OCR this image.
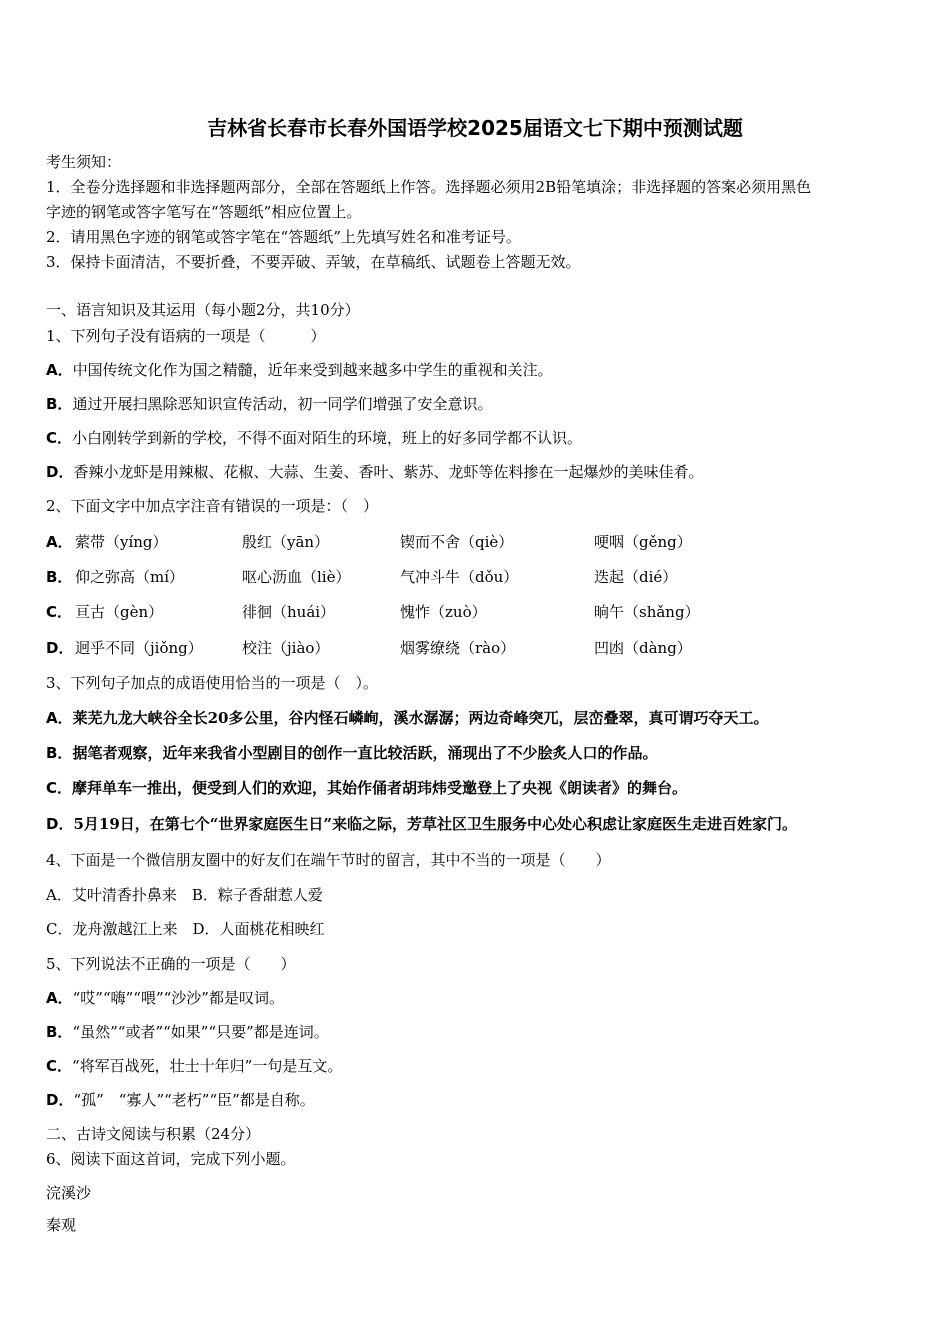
吉林省长春市长春外国语学校2025届语文七下期中预测试题
考生须知：
1．全卷分选择题和非选择题两部分，全部在答题纸上作答。选择题必须用2B铅笔填涂；非选择题的答案必须用黑色
字迹的钢笔或答字笔写在“答题纸”相应位置上。
2．请用黑色字迹的钢笔或答字笔在“答题纸”上先填写姓名和准考证号。
3．保持卡面清洁，不要折叠，不要弄破、弄皱，在草稿纸、试题卷上答题无效。
一、语言知识及其运用（每小题2分，共10分）
1、下列句子没有语病的一项是（　　　）
A．中国传统文化作为国之精髓，近年来受到越来越多中学生的重视和关注。
B．通过开展扫黑除恶知识宣传活动，初一同学们增强了安全意识。
C．小白刚转学到新的学校，不得不面对陌生的环境，班上的好多同学都不认识。
D．香辣小龙虾是用辣椒、花椒、大蒜、生姜、香叶、紫苏、龙虾等佐料掺在一起爆炒的美味佳肴。
2、下面文字中加点字注音有错误的一项是：（　）
A． 萦带（yíng）	殷红（yān）	锲而不舍（qiè）	哽咽（gěng）
B． 仰之弥高（mí）	呕心沥血（liè）	气冲斗牛（dǒu）	迭起（dié）
C． 亘古（gèn）	徘徊（huái）	愧怍（zuò）	晌午（shǎng）
D． 迥乎不同（jiǒng）	校注（jiào）	烟雾缭绕（rào）	凹凼（dàng）
3、下列句子加点的成语使用恰当的一项是（　）。
A．莱芜九龙大峡谷全长20多公里，谷内怪石嶙峋，溪水潺潺；两边奇峰突兀，层峦叠翠，真可谓巧夺天工。
B．据笔者观察，近年来我省小型剧目的创作一直比较活跃，涌现出了不少脍炙人口的作品。
C．摩拜单车一推出，便受到人们的欢迎，其始作俑者胡玮炜受邀登上了央视《朗读者》的舞台。
D．5月19日，在第七个“世界家庭医生日”来临之际，芳草社区卫生服务中心处心积虑让家庭医生走进百姓家门。
4、下面是一个微信朋友圈中的好友们在端午节时的留言，其中不当的一项是（　　）
A．艾叶清香扑鼻来　B．粽子香甜惹人爱
C．龙舟激越江上来　D．人面桃花相映红
5、下列说法不正确的一项是（　　）
A．“哎”“嗨”“喂”“沙沙”都是叹词。
B．“虽然”“或者”“如果”“只要”都是连词。
C．“将军百战死，壮士十年归”一句是互文。
D．“孤”　“寡人”“老朽”“臣”都是自称。
二、古诗文阅读与积累（24分）
6、阅读下面这首词，完成下列小题。
浣溪沙
秦观
